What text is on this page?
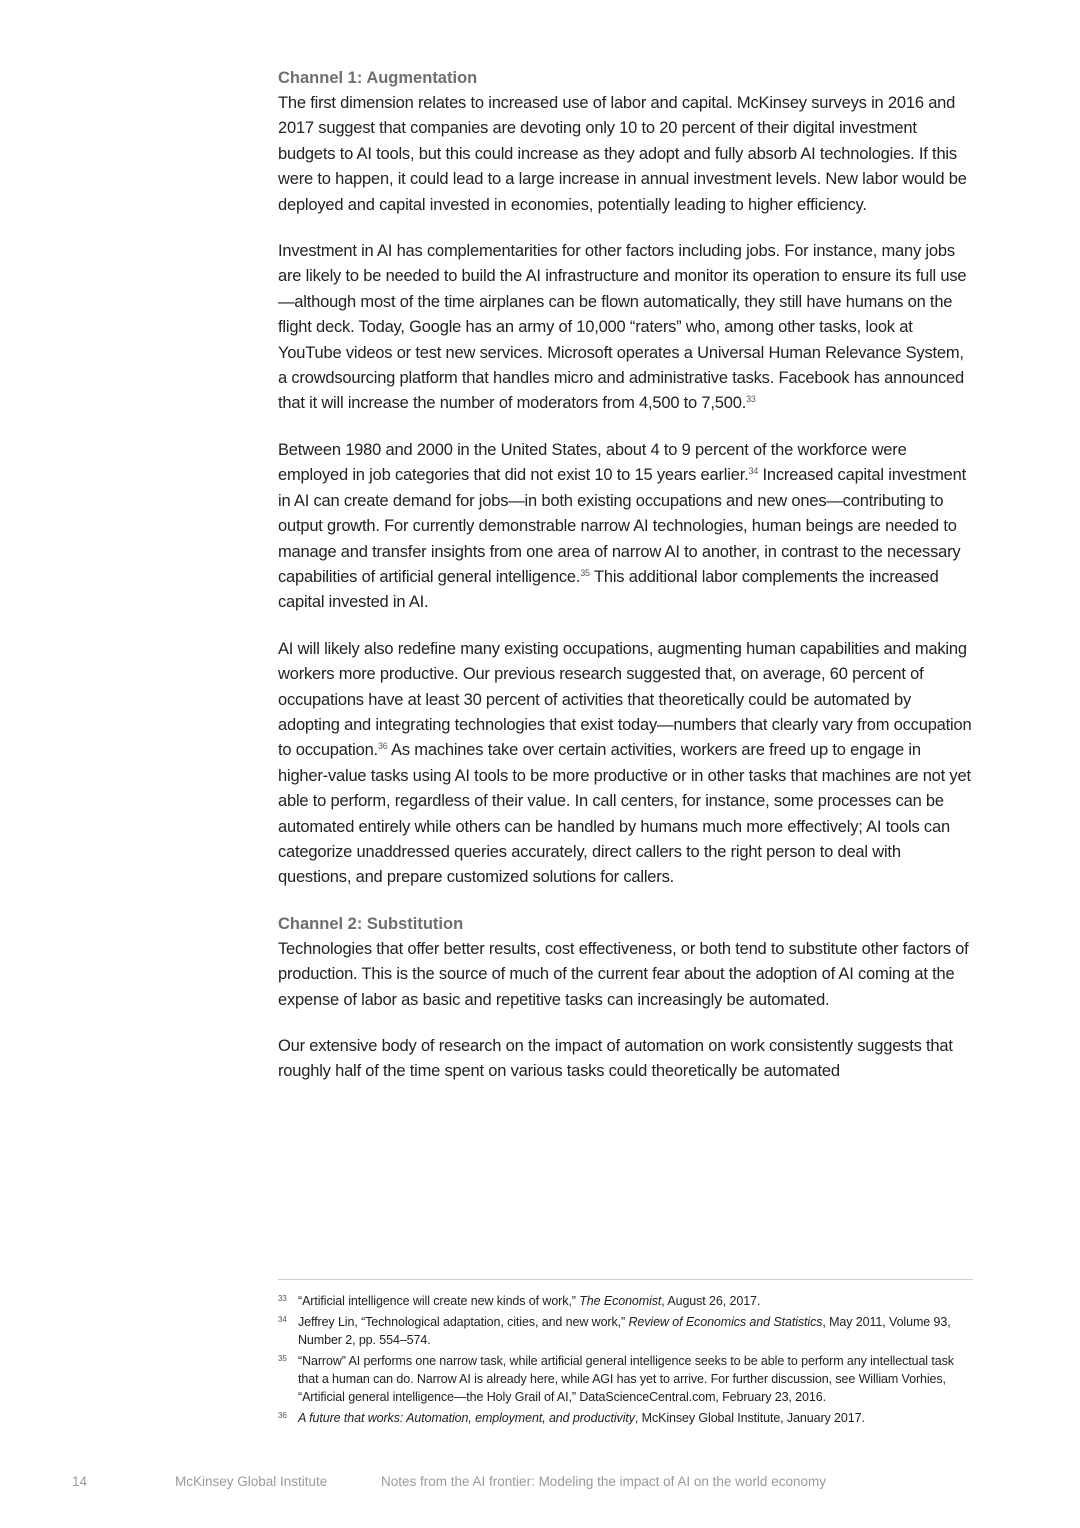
Channel 1: Augmentation

The first dimension relates to increased use of labor and capital. McKinsey surveys in 2016 and 2017 suggest that companies are devoting only 10 to 20 percent of their digital investment budgets to AI tools, but this could increase as they adopt and fully absorb AI technologies. If this were to happen, it could lead to a large increase in annual investment levels. New labor would be deployed and capital invested in economies, potentially leading to higher efficiency.

Investment in AI has complementarities for other factors including jobs. For instance, many jobs are likely to be needed to build the AI infrastructure and monitor its operation to ensure its full use—although most of the time airplanes can be flown automatically, they still have humans on the flight deck. Today, Google has an army of 10,000 “raters” who, among other tasks, look at YouTube videos or test new services. Microsoft operates a Universal Human Relevance System, a crowdsourcing platform that handles micro and administrative tasks. Facebook has announced that it will increase the number of moderators from 4,500 to 7,500.33

Between 1980 and 2000 in the United States, about 4 to 9 percent of the workforce were employed in job categories that did not exist 10 to 15 years earlier.$^{34}$ Increased capital investment in AI can create demand for jobs—in both existing occupations and new ones—contributing to output growth. For currently demonstrable narrow AI technologies, human beings are needed to manage and transfer insights from one area of narrow AI to another, in contrast to the necessary capabilities of artificial general intelligence.$^{35}$ This additional labor complements the increased capital invested in AI.

AI will likely also redefine many existing occupations, augmenting human capabilities and making workers more productive. Our previous research suggested that, on average, 60 percent of occupations have at least 30 percent of activities that theoretically could be automated by adopting and integrating technologies that exist today—numbers that clearly vary from occupation to occupation.$^{36}$ As machines take over certain activities, workers are freed up to engage in higher-value tasks using AI tools to be more productive or in other tasks that machines are not yet able to perform, regardless of their value. In call centers, for instance, some processes can be automated entirely while others can be handled by humans much more effectively; AI tools can categorize unaddressed queries accurately, direct callers to the right person to deal with questions, and prepare customized solutions for callers.

Channel 2: Substitution

Technologies that offer better results, cost effectiveness, or both tend to substitute other factors of production. This is the source of much of the current fear about the adoption of AI coming at the expense of labor as basic and repetitive tasks can increasingly be automated.

Our extensive body of research on the impact of automation on work consistently suggests that roughly half of the time spent on various tasks could theoretically be automated

33 “Artificial intelligence will create new kinds of work,” The Economist, August 26, 2017.
34 Jeffrey Lin, “Technological adaptation, cities, and new work,” Review of Economics and Statistics, May 2011, Volume 93, Number 2, pp. 554–574.
35 “Narrow” AI performs one narrow task, while artificial general intelligence seeks to be able to perform any intellectual task that a human can do. Narrow AI is already here, while AGI has yet to arrive. For further discussion, see William Vorhies, “Artificial general intelligence—the Holy Grail of AI,” DataScienceCentral.com, February 23, 2016.
36 A future that works: Automation, employment, and productivity, McKinsey Global Institute, January 2017.
14	McKinsey Global Institute	Notes from the AI frontier: Modeling the impact of AI on the world economy
